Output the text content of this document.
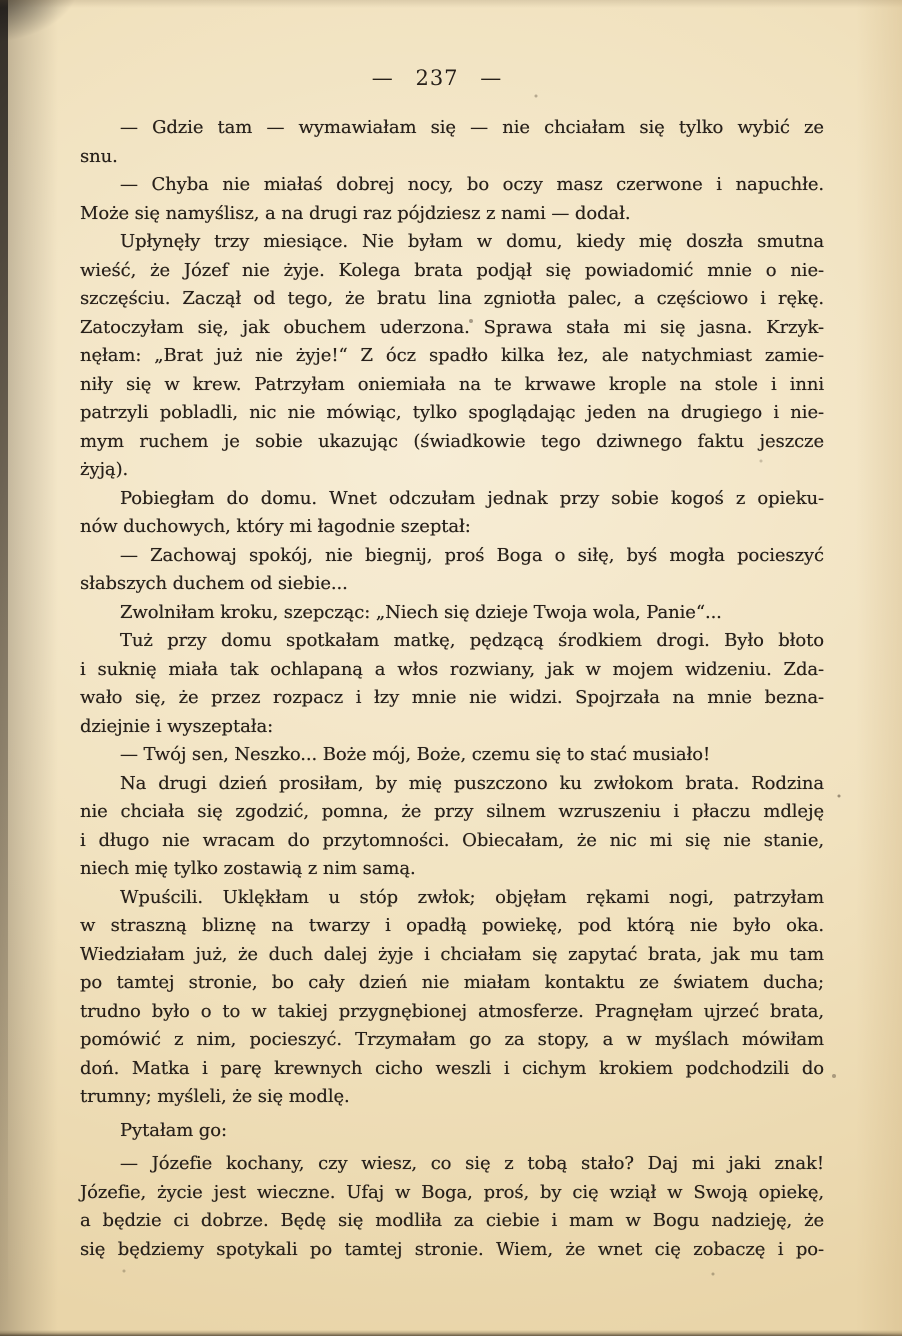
— 237 —
— Gdzie tam — wymawiałam się — nie chciałam się tylko wybić ze
snu.
— Chyba nie miałaś dobrej nocy, bo oczy masz czerwone i napuchłe.
Może się namyślisz, a na drugi raz pójdziesz z nami — dodał.
Upłynęły trzy miesiące. Nie byłam w domu, kiedy mię doszła smutna
wieść, że Józef nie żyje. Kolega brata podjął się powiadomić mnie o nie-
szczęściu. Zaczął od tego, że bratu lina zgniotła palec, a częściowo i rękę.
Zatoczyłam się, jak obuchem uderzona. Sprawa stała mi się jasna. Krzyk-
nęłam: „Brat już nie żyje!“ Z ócz spadło kilka łez, ale natychmiast zamie-
niły się w krew. Patrzyłam oniemiała na te krwawe krople na stole i inni
patrzyli pobladli, nic nie mówiąc, tylko spoglądając jeden na drugiego i nie-
mym ruchem je sobie ukazując (świadkowie tego dziwnego faktu jeszcze
żyją).
Pobiegłam do domu. Wnet odczułam jednak przy sobie kogoś z opieku-
nów duchowych, który mi łagodnie szeptał:
— Zachowaj spokój, nie biegnij, proś Boga o siłę, byś mogła pocieszyć
słabszych duchem od siebie...
Zwolniłam kroku, szepcząc: „Niech się dzieje Twoja wola, Panie“...
Tuż przy domu spotkałam matkę, pędzącą środkiem drogi. Było błoto
i suknię miała tak ochlapaną a włos rozwiany, jak w mojem widzeniu. Zda-
wało się, że przez rozpacz i łzy mnie nie widzi. Spojrzała na mnie bezna-
dziejnie i wyszeptała:
— Twój sen, Neszko... Boże mój, Boże, czemu się to stać musiało!
Na drugi dzień prosiłam, by mię puszczono ku zwłokom brata. Rodzina
nie chciała się zgodzić, pomna, że przy silnem wzruszeniu i płaczu mdleję
i długo nie wracam do przytomności. Obiecałam, że nic mi się nie stanie,
niech mię tylko zostawią z nim samą.
Wpuścili. Uklękłam u stóp zwłok; objęłam rękami nogi, patrzyłam
w straszną bliznę na twarzy i opadłą powiekę, pod którą nie było oka.
Wiedziałam już, że duch dalej żyje i chciałam się zapytać brata, jak mu tam
po tamtej stronie, bo cały dzień nie miałam kontaktu ze światem ducha;
trudno było o to w takiej przygnębionej atmosferze. Pragnęłam ujrzeć brata,
pomówić z nim, pocieszyć. Trzymałam go za stopy, a w myślach mówiłam
doń. Matka i parę krewnych cicho weszli i cichym krokiem podchodzili do
trumny; myśleli, że się modlę.
Pytałam go:
— Józefie kochany, czy wiesz, co się z tobą stało? Daj mi jaki znak!
Józefie, życie jest wieczne. Ufaj w Boga, proś, by cię wziął w Swoją opiekę,
a będzie ci dobrze. Będę się modliła za ciebie i mam w Bogu nadzieję, że
się będziemy spotykali po tamtej stronie. Wiem, że wnet cię zobaczę i po-
